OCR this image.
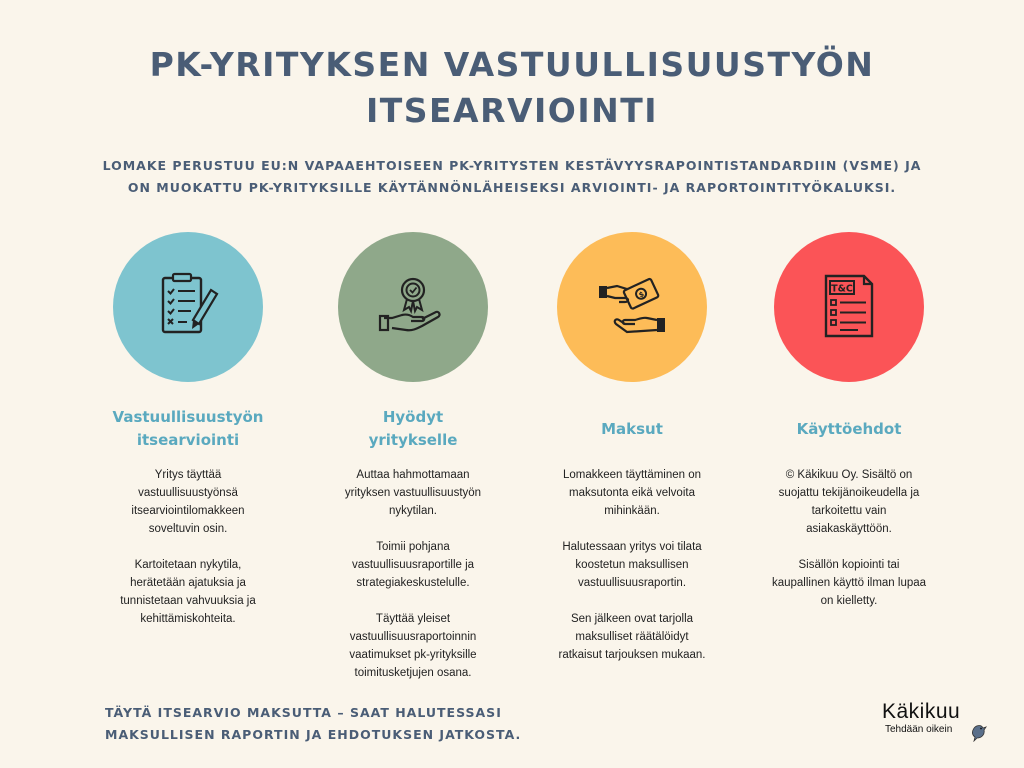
PK-YRITYKSEN VASTUULLISUUSTYÖN
ITSEARVIOINTI
LOMAKE PERUSTUU EU:N VAPAAEHTOISEEN PK-YRITYSTEN KESTÄVYYSRAPOINTISTANDARDIIN (VSME) JA
ON MUOKATTU PK-YRITYKSILLE KÄYTÄNNÖNLÄHEISEKSI ARVIOINTI- JA RAPORTOINTITYÖKALUKSI.
Vastuullisuustyön
itsearviointi

Yritys täyttää
vastuullisuustyönsä
itsearviointilomakkeen
soveltuvin osin.

Kartoitetaan nykytila,
herätetään ajatuksia ja
tunnistetaan vahvuuksia ja
kehittämiskohteita.

Hyödyt
yritykselle

Auttaa hahmottamaan
yrityksen vastuullisuustyön
nykytilan.

Toimii pohjana
vastuullisuusraportille ja
strategiakeskustelulle.

Täyttää yleiset
vastuullisuusraportoinnin
vaatimukset pk-yrityksille
toimitusketjujen osana.

$
Maksut

Lomakkeen täyttäminen on
maksutonta eikä velvoita
mihinkään.

Halutessaan yritys voi tilata
koostetun maksullisen
vastuullisuusraportin.

Sen jälkeen ovat tarjolla
maksulliset räätälöidyt
ratkaisut tarjouksen mukaan.

T&C
Käyttöehdot

© Käkikuu Oy. Sisältö on
suojattu tekijänoikeudella ja
tarkoitettu vain
asiakaskäyttöön.

Sisällön kopiointi tai
kaupallinen käyttö ilman lupaa
on kielletty.

TÄYTÄ ITSEARVIO MAKSUTTA – SAAT HALUTESSASI
MAKSULLISEN RAPORTIN JA EHDOTUKSEN JATKOSTA.
Käkikuu
Tehdään oikein
